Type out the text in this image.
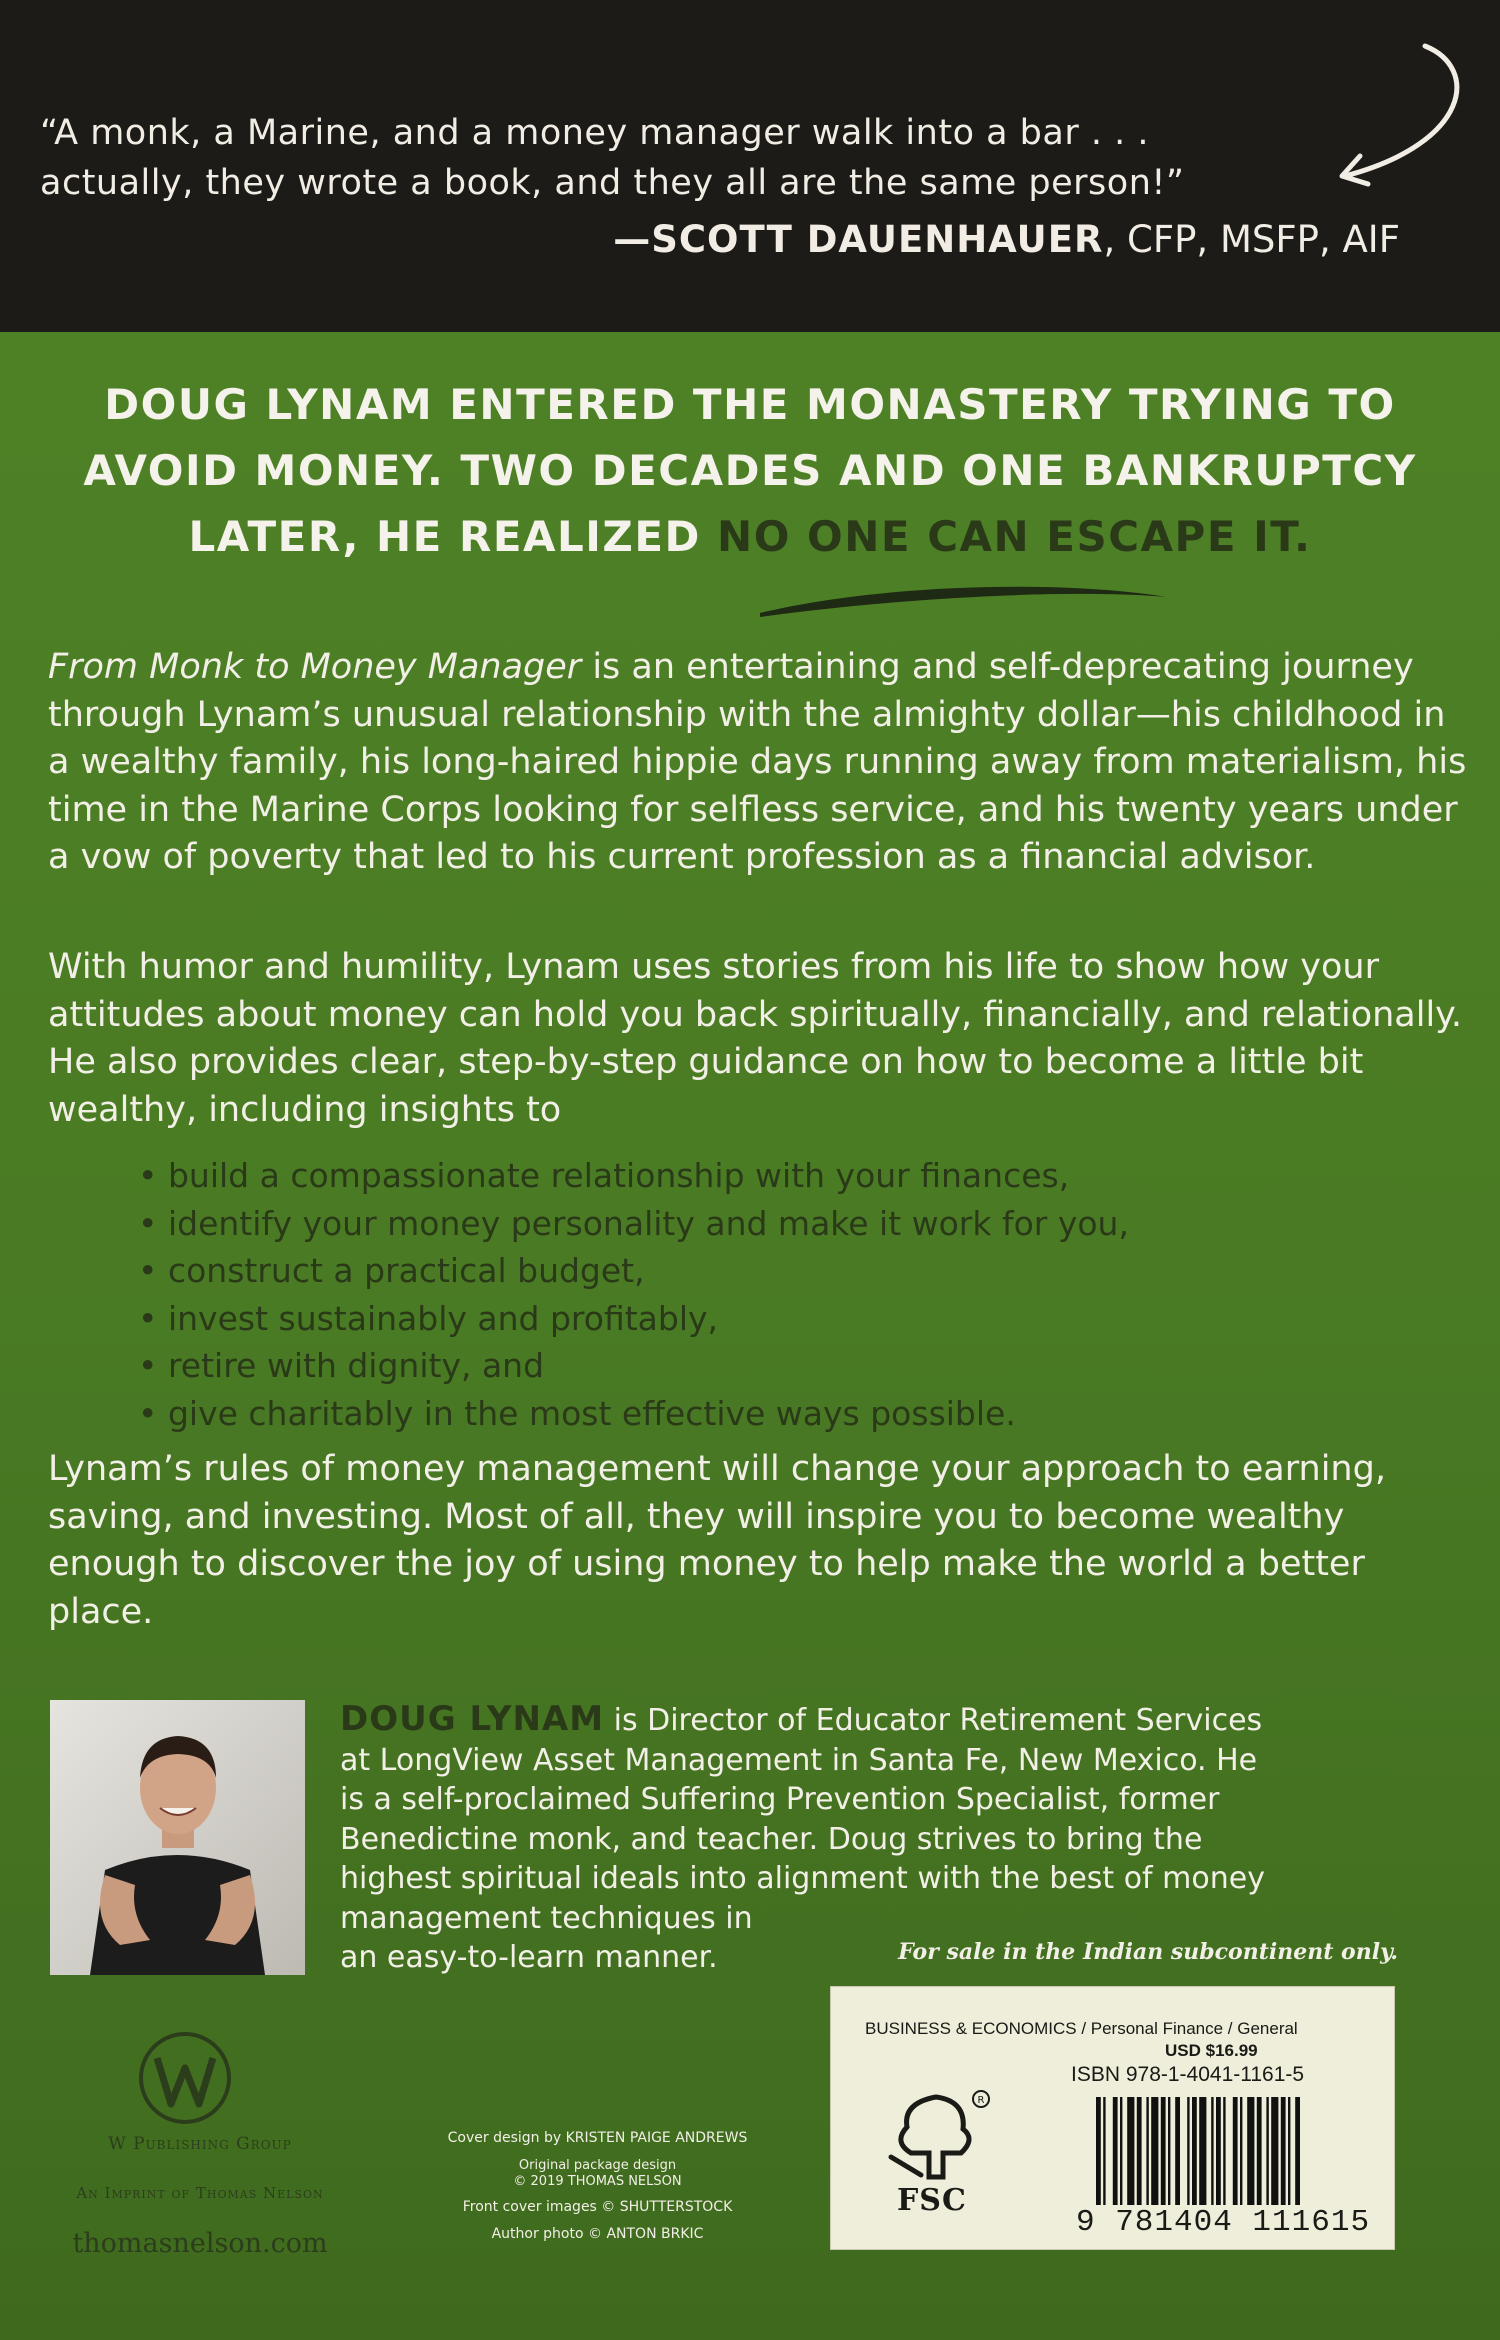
“A monk, a Marine, and a money manager walk into a bar . . . actually, they wrote a book, and they all are the same person!”

—SCOTT DAUENHAUER, CFP, MSFP, AIF

DOUG LYNAM ENTERED THE MONASTERY TRYING TO AVOID MONEY. TWO DECADES AND ONE BANKRUPTCY LATER, HE REALIZED NO ONE CAN ESCAPE IT.

From Monk to Money Manager is an entertaining and self-deprecating journey through Lynam’s unusual relationship with the almighty dollar—his childhood in a wealthy family, his long-haired hippie days running away from materialism, his time in the Marine Corps looking for selfless service, and his twenty years under a vow of poverty that led to his current profession as a financial advisor.

With humor and humility, Lynam uses stories from his life to show how your attitudes about money can hold you back spiritually, financially, and relationally. He also provides clear, step-by-step guidance on how to become a little bit wealthy, including insights to

• build a compassionate relationship with your finances,
• identify your money personality and make it work for you,
• construct a practical budget,
• invest sustainably and profitably,
• retire with dignity, and
• give charitably in the most effective ways possible.

Lynam’s rules of money management will change your approach to earning, saving, and investing. Most of all, they will inspire you to become wealthy enough to discover the joy of using money to help make the world a better place.

DOUG LYNAM is Director of Educator Retirement Services
at LongView Asset Management in Santa Fe, New Mexico. He
is a self-proclaimed Suffering Prevention Specialist, former
Benedictine monk, and teacher. Doug strives to bring the
highest spiritual ideals into alignment with the best of money
management techniques in
an easy-to-learn manner.	For sale in the Indian subcontinent only.

W Publishing Group

An Imprint of Thomas Nelson

thomasnelson.com

Cover design by KRISTEN PAIGE ANDREWS

Original package design
© 2019 THOMAS NELSON
Front cover images © SHUTTERSTOCK
Author photo © ANTON BRKIC
BUSINESS & ECONOMICS / Personal Finance / General
USD $16.99
ISBN 978-1-4041-1161-5
R
FSC
9 781404 111615
